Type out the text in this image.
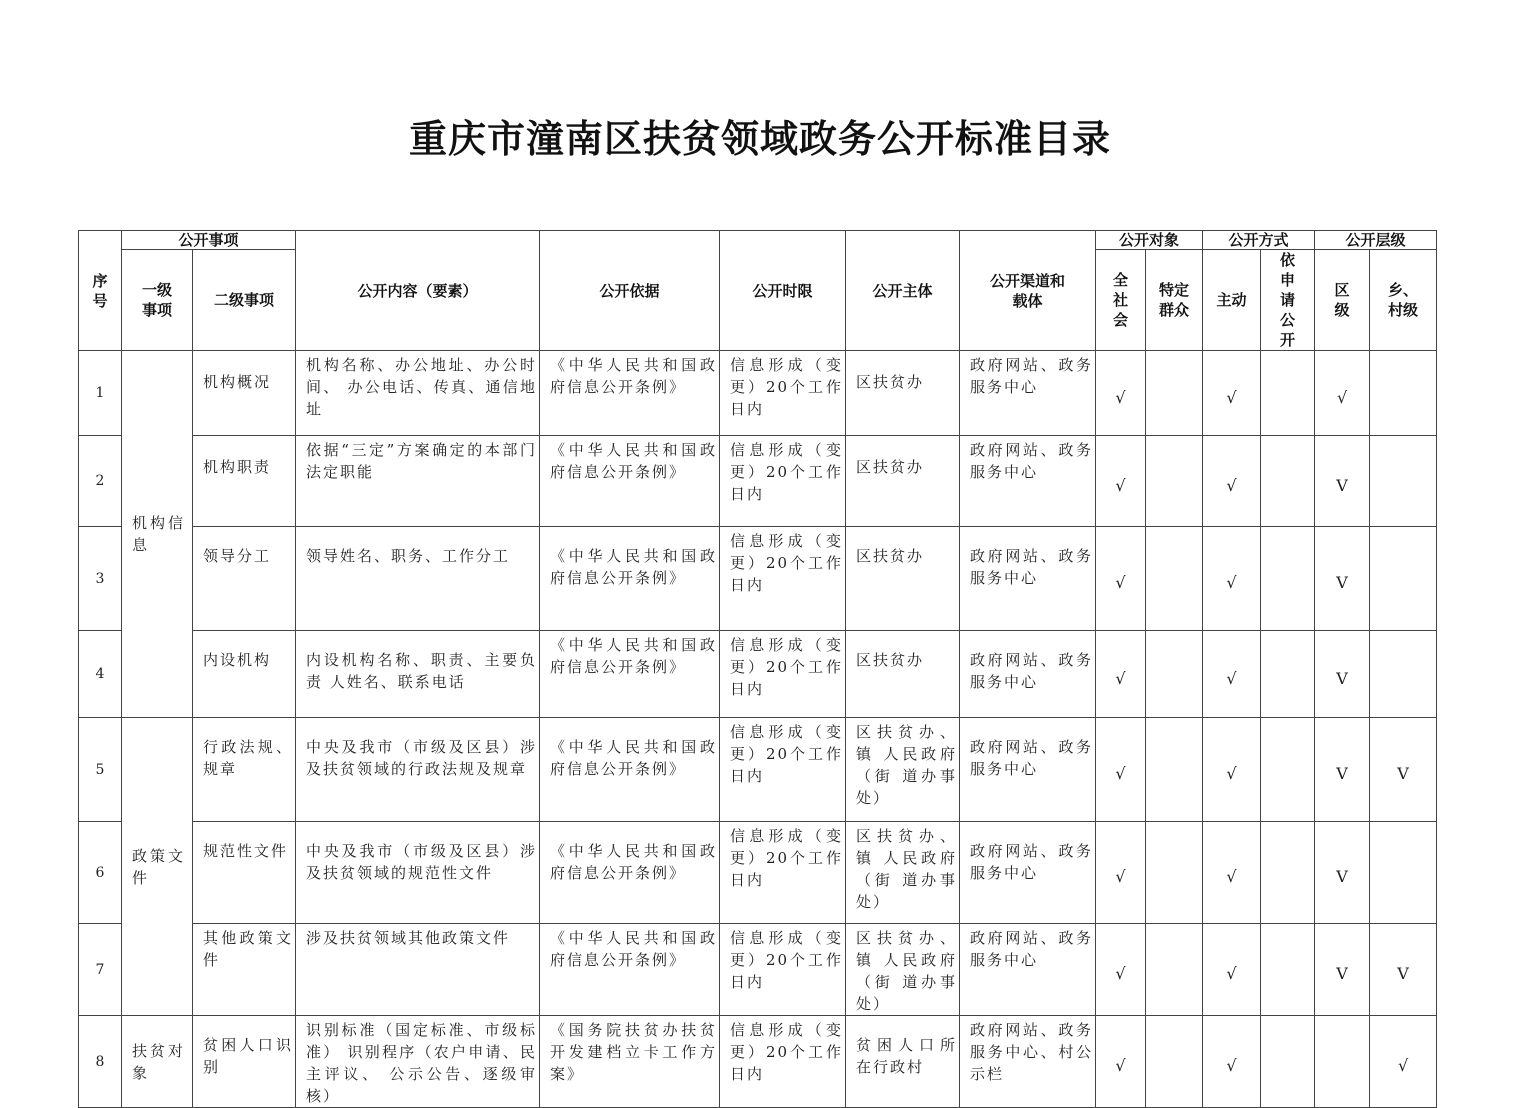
重庆市潼南区扶贫领域政务公开标准目录
序号	公开事项		公开内容（要素）	公开依据	公开时限	公开主体	公开渠道和载体	公开对象		公开方式		公开层级	
	一级事项	二级事项						全社会	特定群众	主动	依申请公开	区级	乡、村级
1	机构信息	机构概况	机构名称、办公地址、办公时间、 办公电话、传真、通信地址	《中华人民共和国政府信息公开条例》	信息形成（变更）20个工作日内	区扶贫办	政府网站、政务服务中心	√		√		√	
2		机构职责	依据“三定”方案确定的本部门法定职能	《中华人民共和国政府信息公开条例》	信息形成（变更）20个工作日内	区扶贫办	政府网站、政务服务中心	√		√		V	
3		领导分工	领导姓名、职务、工作分工	《中华人民共和国政府信息公开条例》	信息形成（变更）20个工作日内	区扶贫办	政府网站、政务服务中心	√		√		V	
4		内设机构	内设机构名称、职责、主要负责 人姓名、联系电话	《中华人民共和国政府信息公开条例》	信息形成（变更）20个工作日内	区扶贫办	政府网站、政务服务中心	√		√		V	
5	政策文件	行政法规、规章	中央及我市（市级及区县）涉及扶贫领域的行政法规及规章	《中华人民共和国政府信息公开条例》	信息形成（变更）20个工作日内	区扶贫办、镇 人民政府（街 道办事处）	政府网站、政务服务中心	√		√		V	V
6		规范性文件	中央及我市（市级及区县）涉及扶贫领域的规范性文件	《中华人民共和国政府信息公开条例》	信息形成（变更）20个工作日内	区扶贫办、镇 人民政府（街 道办事处）	政府网站、政务服务中心	√		√		V	
7		其他政策文件	涉及扶贫领域其他政策文件	《中华人民共和国政府信息公开条例》	信息形成（变更）20个工作日内	区扶贫办、镇 人民政府（街 道办事处）	政府网站、政务服务中心	√		√		V	V
8	扶贫对象	贫困人口识别	识别标准（国定标准、市级标准） 识别程序（农户申请、民主评议、 公示公告、逐级审核）	《国务院扶贫办扶贫开发建档立卡工作方案》	信息形成（变更）20个工作日内	贫困人口所在行政村	政府网站、政务服务中心、村公示栏	√		√			√
